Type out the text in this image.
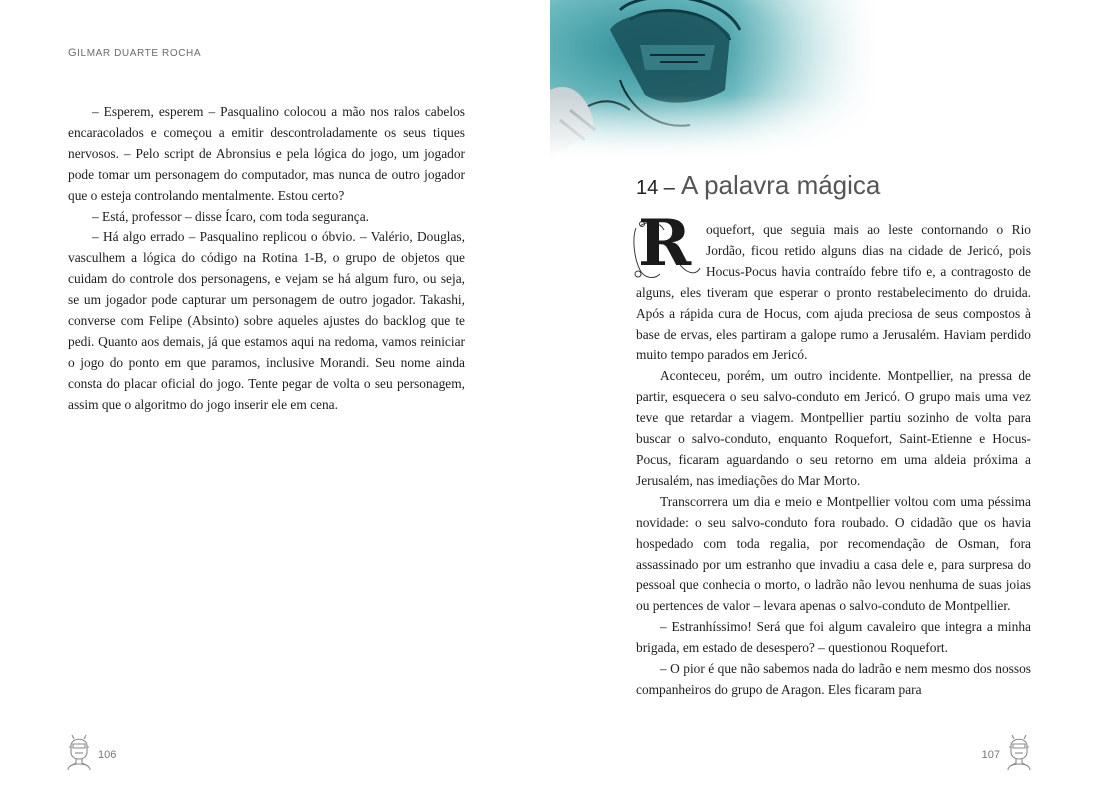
GILMAR DUARTE ROCHA

– Esperem, esperem – Pasqualino colocou a mão nos ralos cabelos encaracolados e começou a emitir descontroladamente os seus tiques nervosos. – Pelo script de Abronsius e pela lógica do jogo, um jogador pode tomar um personagem do computador, mas nunca de outro jogador que o esteja controlando mentalmente. Estou certo?

– Está, professor – disse Ícaro, com toda segurança.

– Há algo errado – Pasqualino replicou o óbvio. – Valério, Douglas, vasculhem a lógica do código na Rotina 1-B, o grupo de objetos que cuidam do controle dos personagens, e vejam se há algum furo, ou seja, se um jogador pode capturar um personagem de outro jogador. Takashi, converse com Felipe (Absinto) sobre aqueles ajustes do backlog que te pedi. Quanto aos demais, já que estamos aqui na redoma, vamos reiniciar o jogo do ponto em que paramos, inclusive Morandi. Seu nome ainda consta do placar oficial do jogo. Tente pegar de volta o seu personagem, assim que o algoritmo do jogo inserir ele em cena.

106
14 – A palavra mágica

R oquefort, que seguia mais ao leste contornando o Rio Jordão, ficou retido alguns dias na cidade de Jericó, pois Hocus-Pocus havia contraído febre tifo e, a contragosto de alguns, eles tiveram que esperar o pronto restabelecimento do druida. Após a rápida cura de Hocus, com ajuda preciosa de seus compostos à base de ervas, eles partiram a galope rumo a Jerusalém. Haviam perdido muito tempo parados em Jericó.

Aconteceu, porém, um outro incidente. Montpellier, na pressa de partir, esquecera o seu salvo-conduto em Jericó. O grupo mais uma vez teve que retardar a viagem. Montpellier partiu sozinho de volta para buscar o salvo-conduto, enquanto Roquefort, Saint-Etienne e Hocus-Pocus, ficaram aguardando o seu retorno em uma aldeia próxima a Jerusalém, nas imediações do Mar Morto.

Transcorrera um dia e meio e Montpellier voltou com uma péssima novidade: o seu salvo-conduto fora roubado. O cidadão que os havia hospedado com toda regalia, por recomendação de Osman, fora assassinado por um estranho que invadiu a casa dele e, para surpresa do pessoal que conhecia o morto, o ladrão não levou nenhuma de suas joias ou pertences de valor – levara apenas o salvo-conduto de Montpellier.

– Estranhíssimo! Será que foi algum cavaleiro que integra a minha brigada, em estado de desespero? – questionou Roquefort.

– O pior é que não sabemos nada do ladrão e nem mesmo dos nossos companheiros do grupo de Aragon. Eles ficaram para

107
